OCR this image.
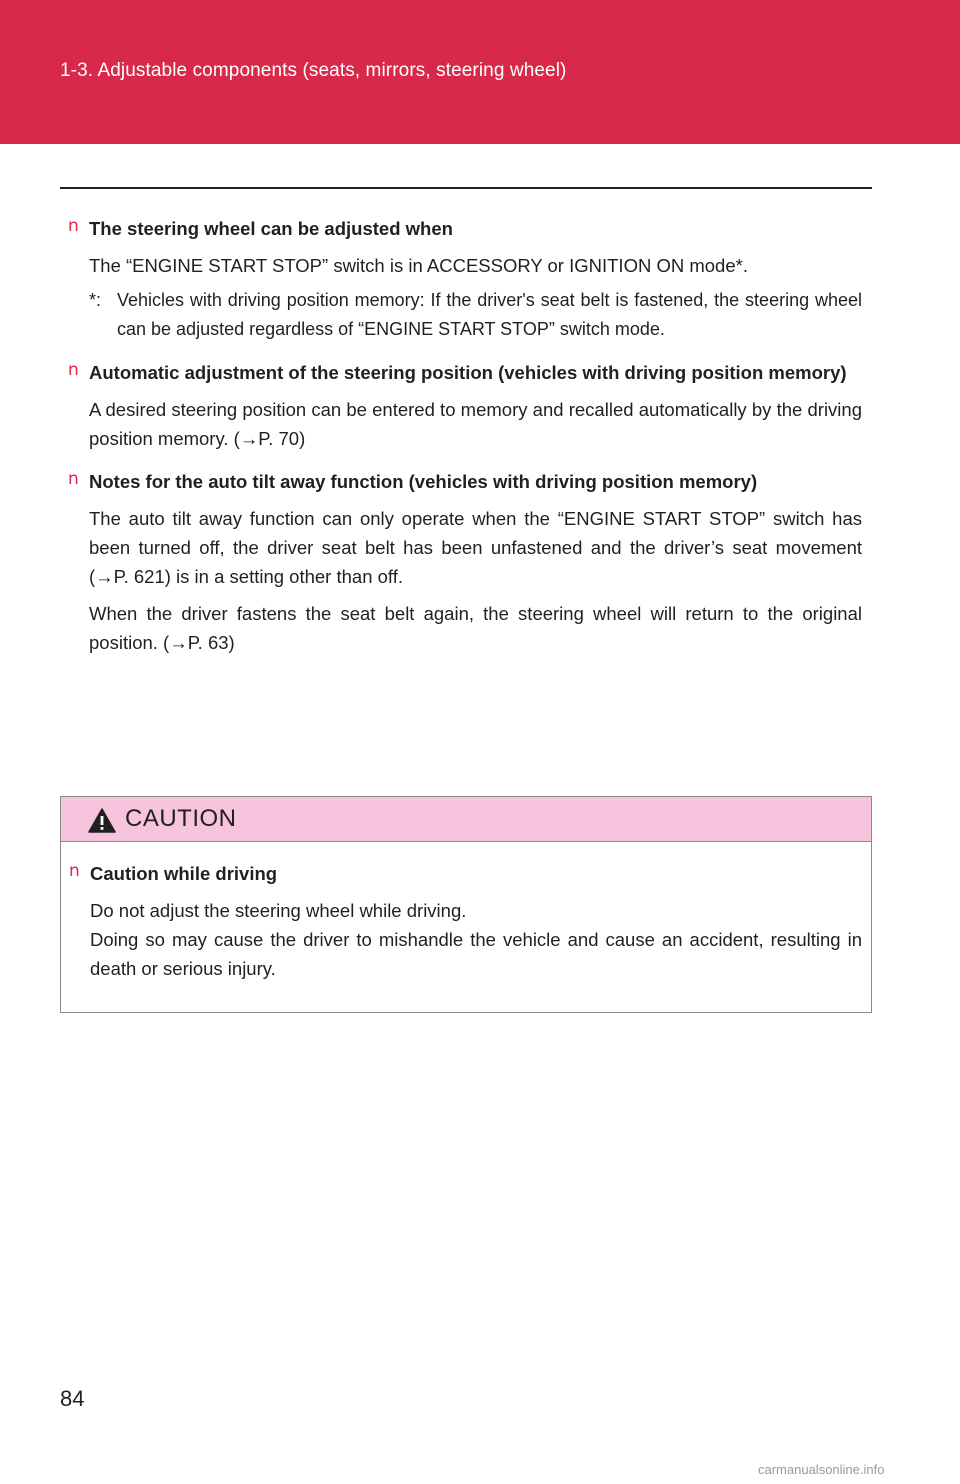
1-3. Adjustable components (seats, mirrors, steering wheel)
n The steering wheel can be adjusted when
The “ENGINE START STOP” switch is in ACCESSORY or IGNITION ON mode*.
*: Vehicles with driving position memory: If the driver's seat belt is fastened, the steering wheel can be adjusted regardless of “ENGINE START STOP” switch mode.
n Automatic adjustment of the steering position (vehicles with driving position memory)
A desired steering position can be entered to memory and recalled automatically by the driving position memory. (→P. 70)
n Notes for the auto tilt away function (vehicles with driving position memory)
The auto tilt away function can only operate when the “ENGINE START STOP” switch has been turned off, the driver seat belt has been unfastened and the driver’s seat movement (→P. 621) is in a setting other than off.
When the driver fastens the seat belt again, the steering wheel will return to the original position. (→P. 63)
CAUTION
n Caution while driving
Do not adjust the steering wheel while driving.
Doing so may cause the driver to mishandle the vehicle and cause an accident, resulting in death or serious injury.
84
carmanualsonline.info
